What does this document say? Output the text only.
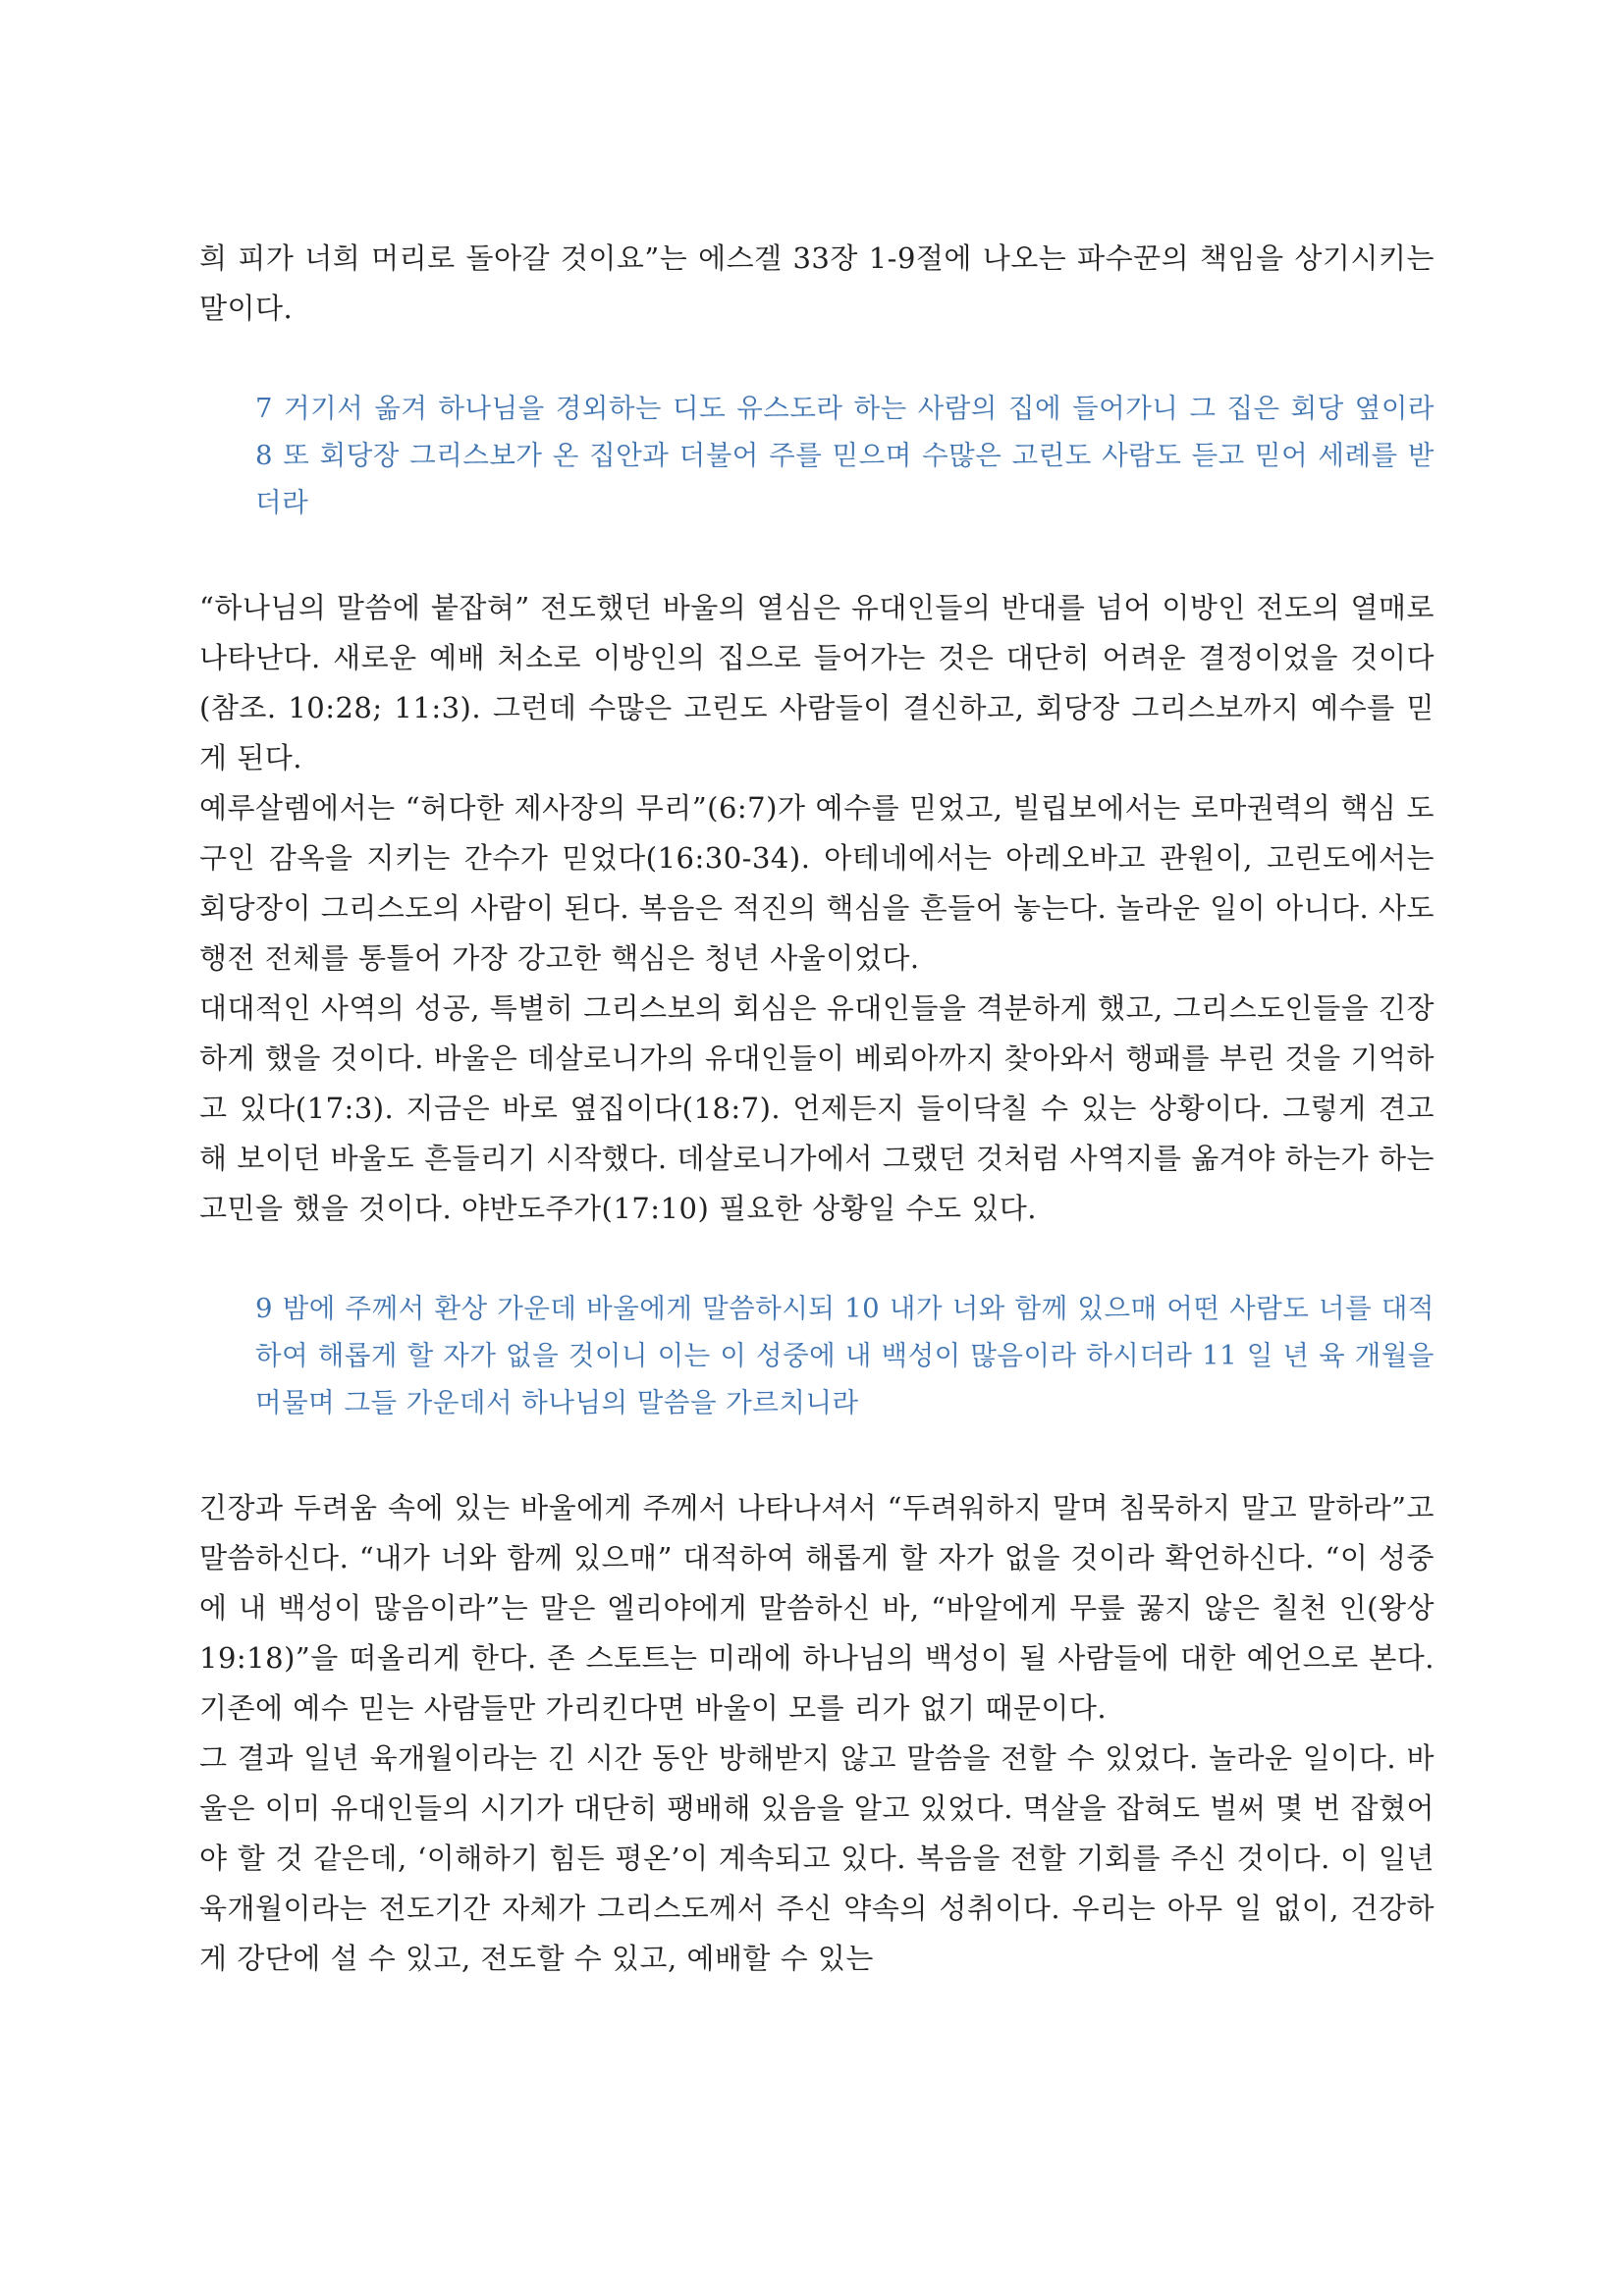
희 피가 너희 머리로 돌아갈 것이요”는 에스겔 33장 1-9절에 나오는 파수꾼의 책임을 상기시키는 말이다.

7 거기서 옮겨 하나님을 경외하는 디도 유스도라 하는 사람의 집에 들어가니 그 집은 회당 옆이라 8 또 회당장 그리스보가 온 집안과 더불어 주를 믿으며 수많은 고린도 사람도 듣고 믿어 세례를 받더라

“하나님의 말씀에 붙잡혀” 전도했던 바울의 열심은 유대인들의 반대를 넘어 이방인 전도의 열매로 나타난다. 새로운 예배 처소로 이방인의 집으로 들어가는 것은 대단히 어려운 결정이었을 것이다(참조. 10:28; 11:3). 그런데 수많은 고린도 사람들이 결신하고, 회당장 그리스보까지 예수를 믿게 된다.

예루살렘에서는 “허다한 제사장의 무리”(6:7)가 예수를 믿었고, 빌립보에서는 로마권력의 핵심 도구인 감옥을 지키는 간수가 믿었다(16:30-34). 아테네에서는 아레오바고 관원이, 고린도에서는 회당장이 그리스도의 사람이 된다. 복음은 적진의 핵심을 흔들어 놓는다. 놀라운 일이 아니다. 사도행전 전체를 통틀어 가장 강고한 핵심은 청년 사울이었다.

대대적인 사역의 성공, 특별히 그리스보의 회심은 유대인들을 격분하게 했고, 그리스도인들을 긴장하게 했을 것이다. 바울은 데살로니가의 유대인들이 베뢰아까지 찾아와서 행패를 부린 것을 기억하고 있다(17:3). 지금은 바로 옆집이다(18:7). 언제든지 들이닥칠 수 있는 상황이다. 그렇게 견고해 보이던 바울도 흔들리기 시작했다. 데살로니가에서 그랬던 것처럼 사역지를 옮겨야 하는가 하는 고민을 했을 것이다. 야반도주가(17:10) 필요한 상황일 수도 있다.

9 밤에 주께서 환상 가운데 바울에게 말씀하시되 10 내가 너와 함께 있으매 어떤 사람도 너를 대적하여 해롭게 할 자가 없을 것이니 이는 이 성중에 내 백성이 많음이라 하시더라 11 일 년 육 개월을 머물며 그들 가운데서 하나님의 말씀을 가르치니라

긴장과 두려움 속에 있는 바울에게 주께서 나타나셔서 “두려워하지 말며 침묵하지 말고 말하라”고 말씀하신다. “내가 너와 함께 있으매” 대적하여 해롭게 할 자가 없을 것이라 확언하신다. “이 성중에 내 백성이 많음이라”는 말은 엘리야에게 말씀하신 바, “바알에게 무릎 꿇지 않은 칠천 인(왕상 19:18)”을 떠올리게 한다. 존 스토트는 미래에 하나님의 백성이 될 사람들에 대한 예언으로 본다. 기존에 예수 믿는 사람들만 가리킨다면 바울이 모를 리가 없기 때문이다.

그 결과 일년 육개월이라는 긴 시간 동안 방해받지 않고 말씀을 전할 수 있었다. 놀라운 일이다. 바울은 이미 유대인들의 시기가 대단히 팽배해 있음을 알고 있었다. 멱살을 잡혀도 벌써 몇 번 잡혔어야 할 것 같은데, ‘이해하기 힘든 평온’이 계속되고 있다. 복음을 전할 기회를 주신 것이다. 이 일년 육개월이라는 전도기간 자체가 그리스도께서 주신 약속의 성취이다. 우리는 아무 일 없이, 건강하게 강단에 설 수 있고, 전도할 수 있고, 예배할 수 있는
